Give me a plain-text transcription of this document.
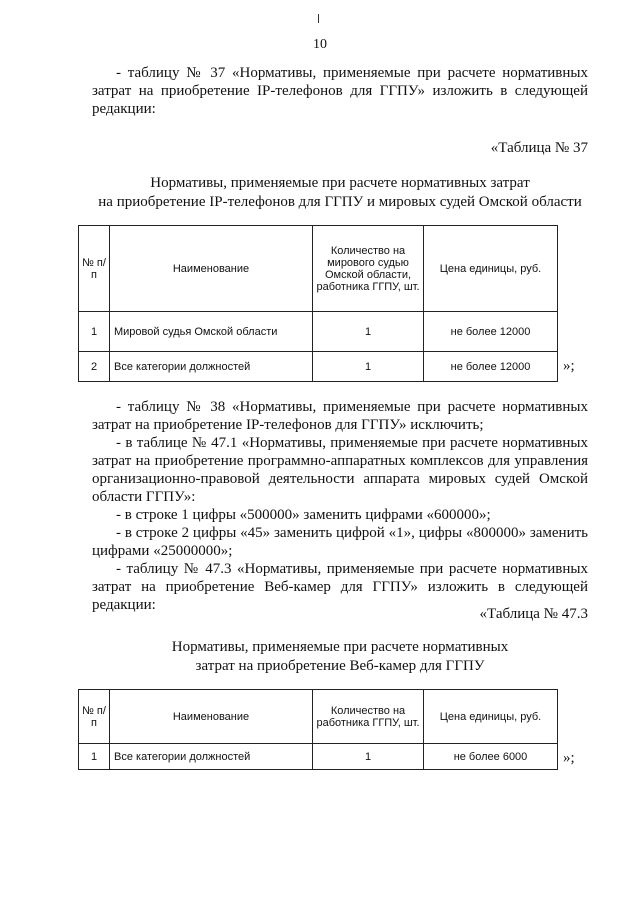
10

- таблицу № 37 «Нормативы, применяемые при расчете нормативных затрат на приобретение IP-телефонов для ГГПУ» изложить в следующей редакции:

«Таблица № 37
Нормативы, применяемые при расчете нормативных затрат
на приобретение IP-телефонов для ГГПУ и мировых судей Омской области
№ п/п	Наименование	Количество на мирового судью Омской области, работника ГГПУ, шт.	Цена единицы, руб.
1	Мировой судья Омской области	1	не более 12000
2	Все категории должностей	1	не более 12000 »;

- таблицу № 38 «Нормативы, применяемые при расчете нормативных затрат на приобретение IP-телефонов для ГГПУ» исключить;

- в таблице № 47.1 «Нормативы, применяемые при расчете нормативных затрат на приобретение программно-аппаратных комплексов для управления организационно-правовой деятельности аппарата мировых судей Омской области ГГПУ»:

- в строке 1 цифры «500000» заменить цифрами «600000»;

- в строке 2 цифры «45» заменить цифрой «1», цифры «800000» заменить цифрами «25000000»;

- таблицу № 47.3 «Нормативы, применяемые при расчете нормативных затрат на приобретение Веб-камер для ГГПУ» изложить в следующей редакции:

«Таблица № 47.3
Нормативы, применяемые при расчете нормативных
затрат на приобретение Веб-камер для ГГПУ
№ п/п	Наименование	Количество на работника ГГПУ, шт.	Цена единицы, руб.
1	Все категории должностей	1	не более 6000 »;
